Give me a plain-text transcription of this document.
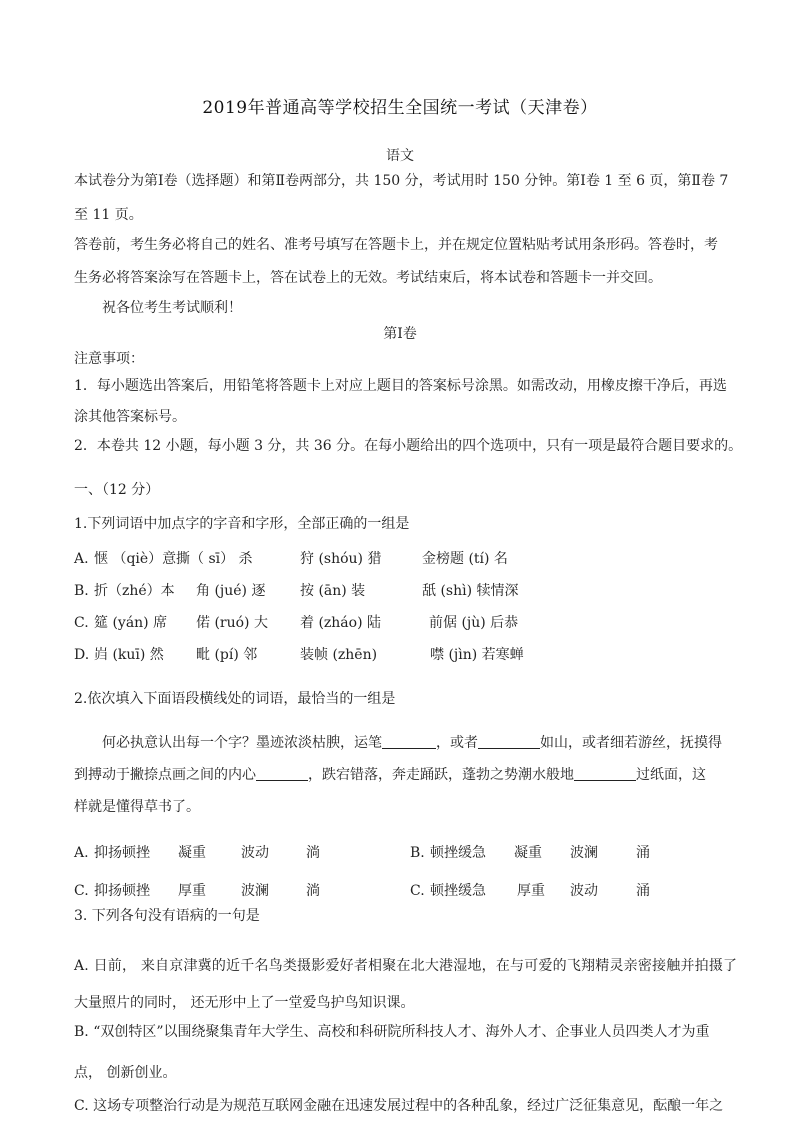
2019年普通高等学校招生全国统一考试（天津卷）
语文
本试卷分为第Ⅰ卷（选择题）和第Ⅱ卷两部分，共 150 分，考试用时 150 分钟。第Ⅰ卷 1 至 6 页，第Ⅱ卷 7
至 11 页。
答卷前，考生务必将自己的姓名、准考号填写在答题卡上，并在规定位置粘贴考试用条形码。答卷时，考
生务必将答案涂写在答题卡上，答在试卷上的无效。考试结束后，将本试卷和答题卡一并交回。
祝各位考生考试顺利！
第Ⅰ卷
注意事项：
1．每小题选出答案后，用铅笔将答题卡上对应上题目的答案标号涂黑。如需改动，用橡皮擦干净后，再选
涂其他答案标号。
2．本卷共 12 小题，每小题 3 分，共 36 分。在每小题给出的四个选项中，只有一项是最符合题目要求的。
一、（12 分）
1.下列词语中加点字的字音和字形，全部正确的一组是
A. 惬 （qiè）意 撕（ sī） 杀	狩 (shóu) 猎	金榜题 (tí) 名
B. 折（zhé）本 角 (jué) 逐 按 (ān) 装	舐 (shì) 犊情深
C. 筵 (yán) 席 偌 (ruó) 大 着 (zháo) 陆	前倨 (jù) 后恭
D. 岿 (kuī) 然 毗 (pí) 邻	装帧 (zhēn)	噤 (jìn) 若寒蝉
2.依次填入下面语段横线处的词语，最恰当的一组是
何必执意认出每一个字？墨迹浓淡枯腴，运笔	，或者	如山，或者细若游丝，抚摸得
到搏动于撇捺点画之间的内心	，跌宕错落，奔走踊跃，蓬勃之势潮水般地	过纸面，这
样就是懂得草书了。
A. 抑扬顿挫 凝重	波动	淌	B. 顿挫缓急 凝重 波澜	涌
C. 抑扬顿挫 厚重	波澜	淌	C. 顿挫缓急 厚重 波动	涌
3. 下列各句没有语病的一句是
A. 日前， 来自京津冀的近千名鸟类摄影爱好者相聚在北大港湿地，在与可爱的飞翔精灵亲密接触并拍摄了
大量照片的同时， 还无形中上了一堂爱鸟护鸟知识课。
B. “双创特区”以围绕聚集青年大学生、高校和科研院所科技人才、海外人才、企事业人员四类人才为重
点， 创新创业。
C. 这场专项整治行动是为规范互联网金融在迅速发展过程中的各种乱象，经过广泛征集意见，酝酿一年之
